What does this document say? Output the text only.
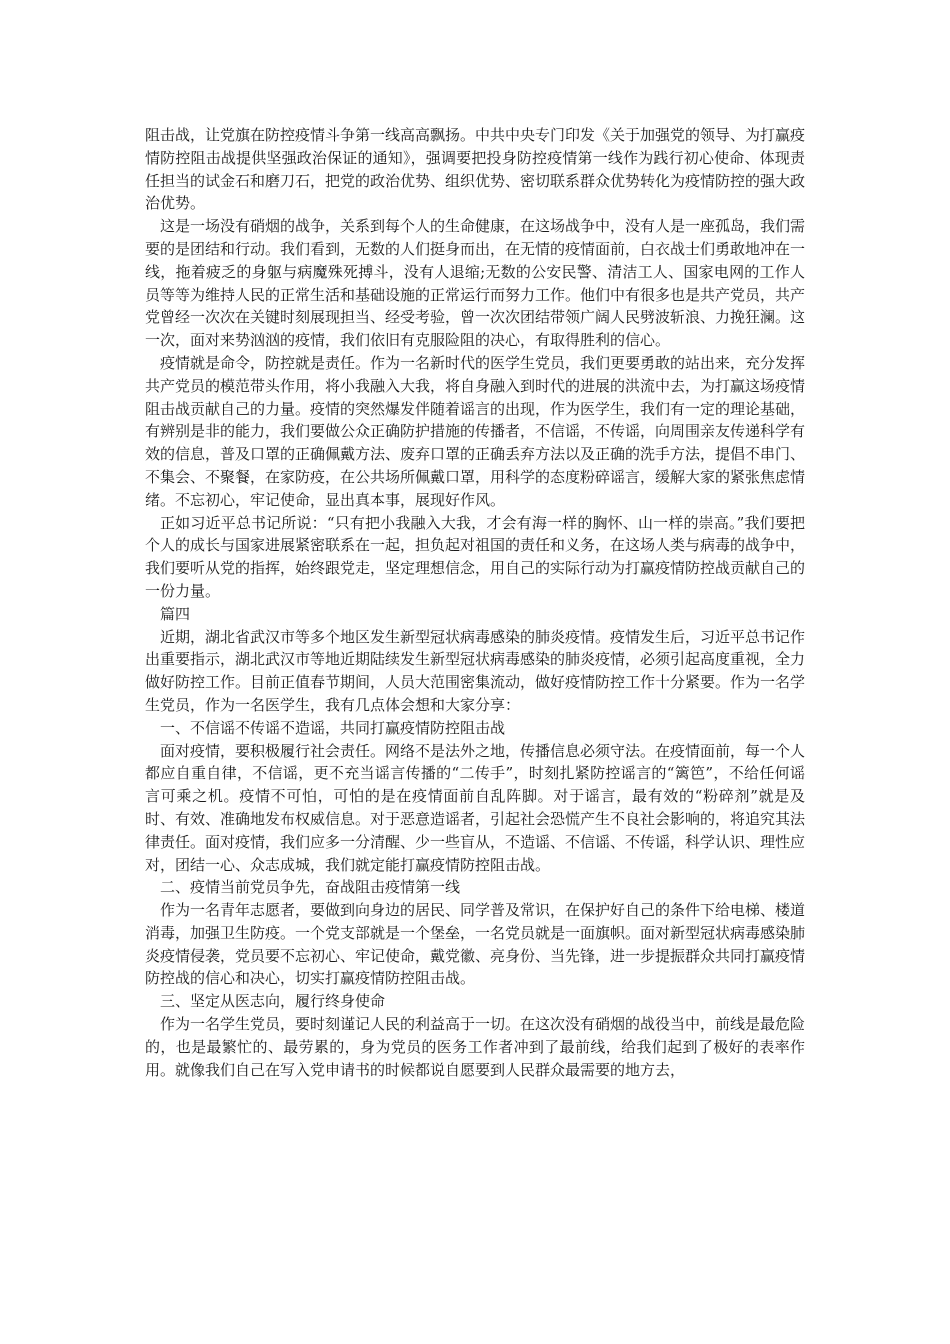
阻击战，让党旗在防控疫情斗争第一线高高飘扬。中共中央专门印发《关于加强党的领导、为打赢疫情防控阻击战提供坚强政治保证的通知》，强调要把投身防控疫情第一线作为践行初心使命、体现责任担当的试金石和磨刀石，把党的政治优势、组织优势、密切联系群众优势转化为疫情防控的强大政治优势。

这是一场没有硝烟的战争，关系到每个人的生命健康，在这场战争中，没有人是一座孤岛，我们需要的是团结和行动。我们看到，无数的人们挺身而出，在无情的疫情面前，白衣战士们勇敢地冲在一线，拖着疲乏的身躯与病魔殊死搏斗，没有人退缩;无数的公安民警、清洁工人、国家电网的工作人员等等为维持人民的正常生活和基础设施的正常运行而努力工作。他们中有很多也是共产党员，共产党曾经一次次在关键时刻展现担当、经受考验，曾一次次团结带领广阔人民劈波斩浪、力挽狂澜。这一次，面对来势汹汹的疫情，我们依旧有克服险阻的决心，有取得胜利的信心。

疫情就是命令，防控就是责任。作为一名新时代的医学生党员，我们更要勇敢的站出来，充分发挥共产党员的模范带头作用，将小我融入大我，将自身融入到时代的进展的洪流中去，为打赢这场疫情阻击战贡献自己的力量。疫情的突然爆发伴随着谣言的出现，作为医学生，我们有一定的理论基础，有辨别是非的能力，我们要做公众正确防护措施的传播者，不信谣，不传谣，向周围亲友传递科学有效的信息，普及口罩的正确佩戴方法、废弃口罩的正确丢弃方法以及正确的洗手方法，提倡不串门、不集会、不聚餐，在家防疫，在公共场所佩戴口罩，用科学的态度粉碎谣言，缓解大家的紧张焦虑情绪。不忘初心，牢记使命，显出真本事，展现好作风。

正如习近平总书记所说：“只有把小我融入大我，才会有海一样的胸怀、山一样的崇高。”我们要把个人的成长与国家进展紧密联系在一起，担负起对祖国的责任和义务，在这场人类与病毒的战争中，我们要听从党的指挥，始终跟党走，坚定理想信念，用自己的实际行动为打赢疫情防控战贡献自己的一份力量。

篇四

近期，湖北省武汉市等多个地区发生新型冠状病毒感染的肺炎疫情。疫情发生后，习近平总书记作出重要指示，湖北武汉市等地近期陆续发生新型冠状病毒感染的肺炎疫情，必须引起高度重视，全力做好防控工作。目前正值春节期间，人员大范围密集流动，做好疫情防控工作十分紧要。作为一名学生党员，作为一名医学生，我有几点体会想和大家分享：

一、不信谣不传谣不造谣，共同打赢疫情防控阻击战

面对疫情，要积极履行社会责任。网络不是法外之地，传播信息必须守法。在疫情面前，每一个人都应自重自律，不信谣，更不充当谣言传播的“二传手”，时刻扎紧防控谣言的“篱笆”，不给任何谣言可乘之机。疫情不可怕，可怕的是在疫情面前自乱阵脚。对于谣言，最有效的“粉碎剂”就是及时、有效、准确地发布权威信息。对于恶意造谣者，引起社会恐慌产生不良社会影响的，将追究其法律责任。面对疫情，我们应多一分清醒、少一些盲从，不造谣、不信谣、不传谣，科学认识、理性应对，团结一心、众志成城，我们就定能打赢疫情防控阻击战。

二、疫情当前党员争先，奋战阻击疫情第一线

作为一名青年志愿者，要做到向身边的居民、同学普及常识，在保护好自己的条件下给电梯、楼道消毒，加强卫生防疫。一个党支部就是一个堡垒，一名党员就是一面旗帜。面对新型冠状病毒感染肺炎疫情侵袭，党员要不忘初心、牢记使命，戴党徽、亮身份、当先锋，进一步提振群众共同打赢疫情防控战的信心和决心，切实打赢疫情防控阻击战。

三、坚定从医志向，履行终身使命

作为一名学生党员，要时刻谨记人民的利益高于一切。在这次没有硝烟的战役当中，前线是最危险的，也是最繁忙的、最劳累的，身为党员的医务工作者冲到了最前线，给我们起到了极好的表率作用。就像我们自己在写入党申请书的时候都说自愿要到人民群众最需要的地方去，
